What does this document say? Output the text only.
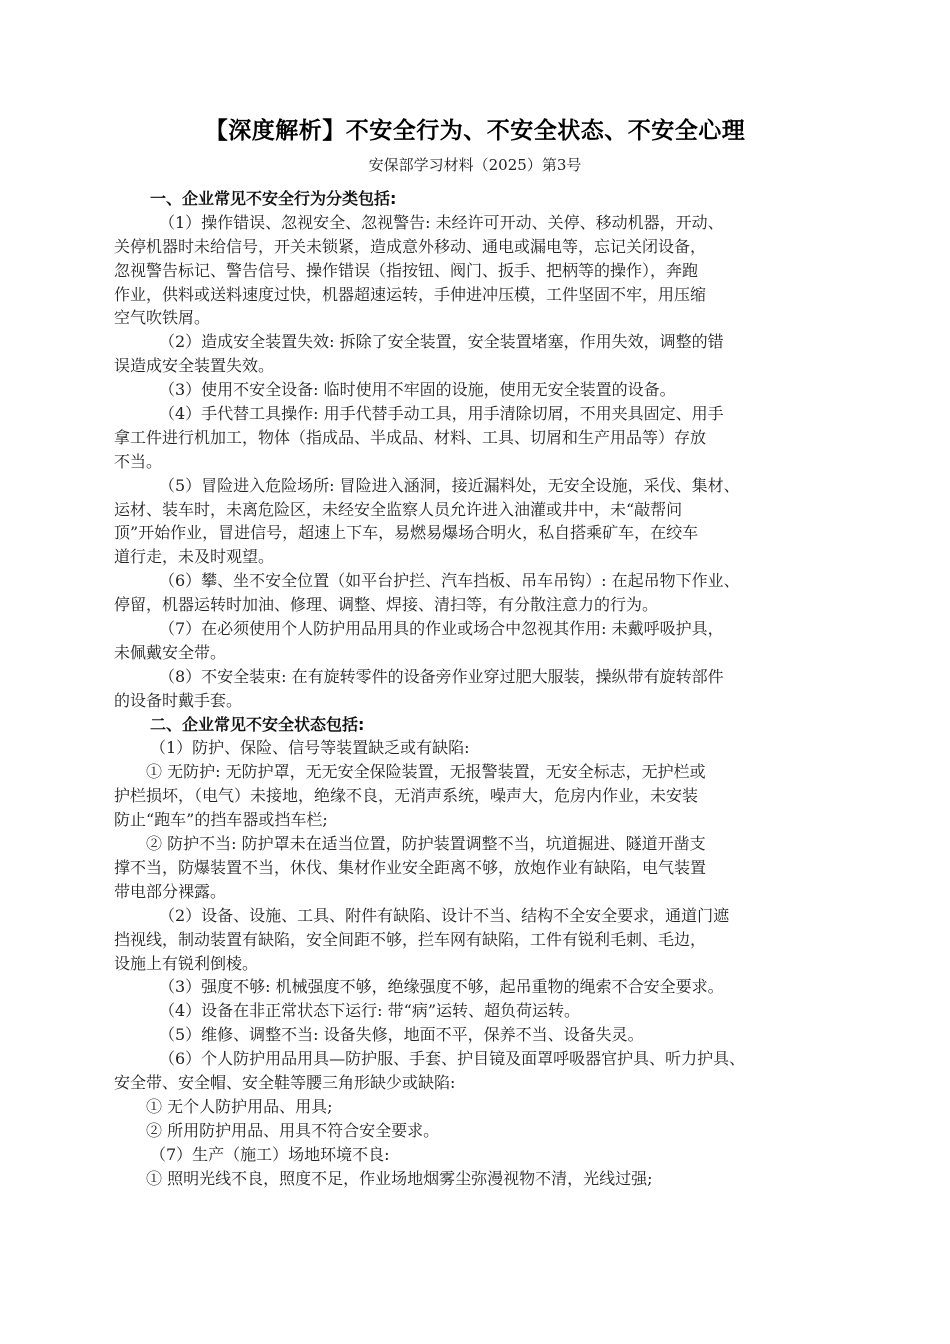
【深度解析】不安全行为、不安全状态、不安全心理
安保部学习材料（2025）第3号
一、企业常见不安全行为分类包括:
（1）操作错误、忽视安全、忽视警告: 未经许可开动、关停、移动机器，开动、
关停机器时未给信号，开关未锁紧，造成意外移动、通电或漏电等，忘记关闭设备，
忽视警告标记、警告信号、操作错误（指按钮、阀门、扳手、把柄等的操作），奔跑
作业，供料或送料速度过快，机器超速运转，手伸进冲压模，工件坚固不牢，用压缩
空气吹铁屑。
（2）造成安全装置失效: 拆除了安全装置，安全装置堵塞，作用失效，调整的错
误造成安全装置失效。
（3）使用不安全设备: 临时使用不牢固的设施，使用无安全装置的设备。
（4）手代替工具操作: 用手代替手动工具，用手清除切屑，不用夹具固定、用手
拿工件进行机加工，物体（指成品、半成品、材料、工具、切屑和生产用品等）存放
不当。
（5）冒险进入危险场所: 冒险进入涵洞，接近漏料处，无安全设施，采伐、集材、
运材、装车时，未离危险区，未经安全监察人员允许进入油灌或井中，未“敲帮问
顶”开始作业，冒进信号，超速上下车，易燃易爆场合明火，私自搭乘矿车，在绞车
道行走，未及时观望。
（6）攀、坐不安全位置（如平台护拦、汽车挡板、吊车吊钩）: 在起吊物下作业、
停留，机器运转时加油、修理、调整、焊接、清扫等，有分散注意力的行为。
（7）在必须使用个人防护用品用具的作业或场合中忽视其作用: 未戴呼吸护具，
未佩戴安全带。
（8）不安全装束: 在有旋转零件的设备旁作业穿过肥大服装，操纵带有旋转部件
的设备时戴手套。
二、企业常见不安全状态包括:
（1）防护、保险、信号等装置缺乏或有缺陷:
① 无防护: 无防护罩，无无安全保险装置，无报警装置，无安全标志，无护栏或
护栏损坏，（电气）未接地，绝缘不良，无消声系统，噪声大，危房内作业，未安装
防止“跑车”的挡车器或挡车栏;
② 防护不当: 防护罩未在适当位置，防护装置调整不当，坑道掘进、隧道开凿支
撑不当，防爆装置不当，休伐、集材作业安全距离不够，放炮作业有缺陷，电气装置
带电部分裸露。
（2）设备、设施、工具、附件有缺陷、设计不当、结构不全安全要求，通道门遮
挡视线，制动装置有缺陷，安全间距不够，拦车网有缺陷，工件有锐利毛刺、毛边，
设施上有锐利倒棱。
（3）强度不够: 机械强度不够，绝缘强度不够，起吊重物的绳索不合安全要求。
（4）设备在非正常状态下运行: 带“病”运转、超负荷运转。
（5）维修、调整不当: 设备失修，地面不平，保养不当、设备失灵。
（6）个人防护用品用具—防护服、手套、护目镜及面罩呼吸器官护具、听力护具、
安全带、安全帽、安全鞋等腰三角形缺少或缺陷:
① 无个人防护用品、用具;
② 所用防护用品、用具不符合安全要求。
（7）生产（施工）场地环境不良:
① 照明光线不良，照度不足，作业场地烟雾尘弥漫视物不清，光线过强;
